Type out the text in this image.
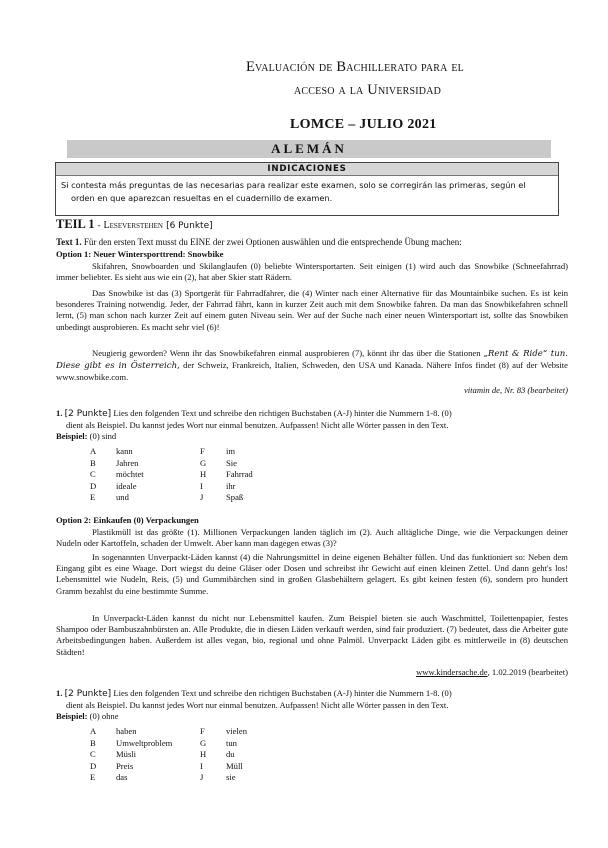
Evaluación de Bachillerato para el
acceso a la Universidad
LOMCE – JULIO 2021
ALEMÁN
INDICACIONES
Si contesta más preguntas de las necesarias para realizar este examen, solo se corregirán las primeras, según el
orden en que aparezcan resueltas en el cuadernillo de examen.
TEIL 1 - Leseverstehen [6 Punkte]
Text 1. Für den ersten Text musst du EINE der zwei Optionen auswählen und die entsprechende Übung machen:
Option 1: Neuer Wintersporttrend: Snowbike
Skifahren, Snowboarden und Skilanglaufen (0) beliebte Wintersportarten. Seit einigen (1) wird auch das Snowbike (Schneefahrrad) immer beliebter. Es sieht aus wie ein (2), hat aber Skier statt Rädern.
Das Snowbike ist das (3) Sportgerät für Fahrradfahrer, die (4) Winter nach einer Alternative für das Mountainbike suchen. Es ist kein besonderes Training notwendig. Jeder, der Fahrrad fährt, kann in kurzer Zeit auch mit dem Snowbike fahren. Da man das Snowbikefahren schnell lernt, (5) man schon nach kurzer Zeit auf einem guten Niveau sein. Wer auf der Suche nach einer neuen Wintersportart ist, sollte das Snowbiken unbedingt ausprobieren. Es macht sehr viel (6)!
Neugierig geworden? Wenn ihr das Snowbikefahren einmal ausprobieren (7), könnt ihr das über die Stationen „Rent & Ride“ tun. Diese gibt es in Österreich, der Schweiz, Frankreich, Italien, Schweden, den USA und Kanada. Nähere Infos findet (8) auf der Website www.snowbike.com.
vitamin de, Nr. 83 (bearbeitet)
1. [2 Punkte] Lies den folgenden Text und schreibe den richtigen Buchstaben (A-J) hinter die Nummern 1-8. (0)
dient als Beispiel. Du kannst jedes Wort nur einmal benutzen. Aufpassen! Nicht alle Wörter passen in den Text.
Beispiel: (0) sind
A kann	F im
B Jahren	G Sie
C möchtet	H Fahrrad
D ideale	I	ihr
E und	J	Spaß
Option 2: Einkaufen (0) Verpackungen
Plastikmüll ist das größte (1). Millionen Verpackungen landen täglich im (2). Auch alltägliche Dinge, wie die Verpackungen deiner Nudeln oder Kartoffeln, schaden der Umwelt. Aber kann man dagegen etwas (3)?
In sogenannten Unverpackt-Läden kannst (4) die Nahrungsmittel in deine eigenen Behälter füllen. Und das funktioniert so: Neben dem Eingang gibt es eine Waage. Dort wiegst du deine Gläser oder Dosen und schreibst ihr Gewicht auf einen kleinen Zettel. Und dann geht's los! Lebensmittel wie Nudeln, Reis, (5) und Gummibärchen sind in großen Glasbehältern gelagert. Es gibt keinen festen (6), sondern pro hundert Gramm bezahlst du eine bestimmte Summe.
In Unverpackt-Läden kannst du nicht nur Lebensmittel kaufen. Zum Beispiel bieten sie auch Waschmittel, Toilettenpapier, festes Shampoo oder Bambuszahnbürsten an. Alle Produkte, die in diesen Läden verkauft werden, sind fair produziert. (7) bedeutet, dass die Arbeiter gute Arbeitsbedingungen haben. Außerdem ist alles vegan, bio, regional und ohne Palmöl. Unverpackt Läden gibt es mittlerweile in (8) deutschen Städten!
www.kindersache.de, 1.02.2019 (bearbeitet)
1. [2 Punkte] Lies den folgenden Text und schreibe den richtigen Buchstaben (A-J) hinter die Nummern 1-8. (0)
dient als Beispiel. Du kannst jedes Wort nur einmal benutzen. Aufpassen! Nicht alle Wörter passen in den Text.
Beispiel: (0) ohne
A haben	F vielen
B Umweltproblem	G tun
C Müsli	H du
D Preis	I	Müll
E das	J	sie
